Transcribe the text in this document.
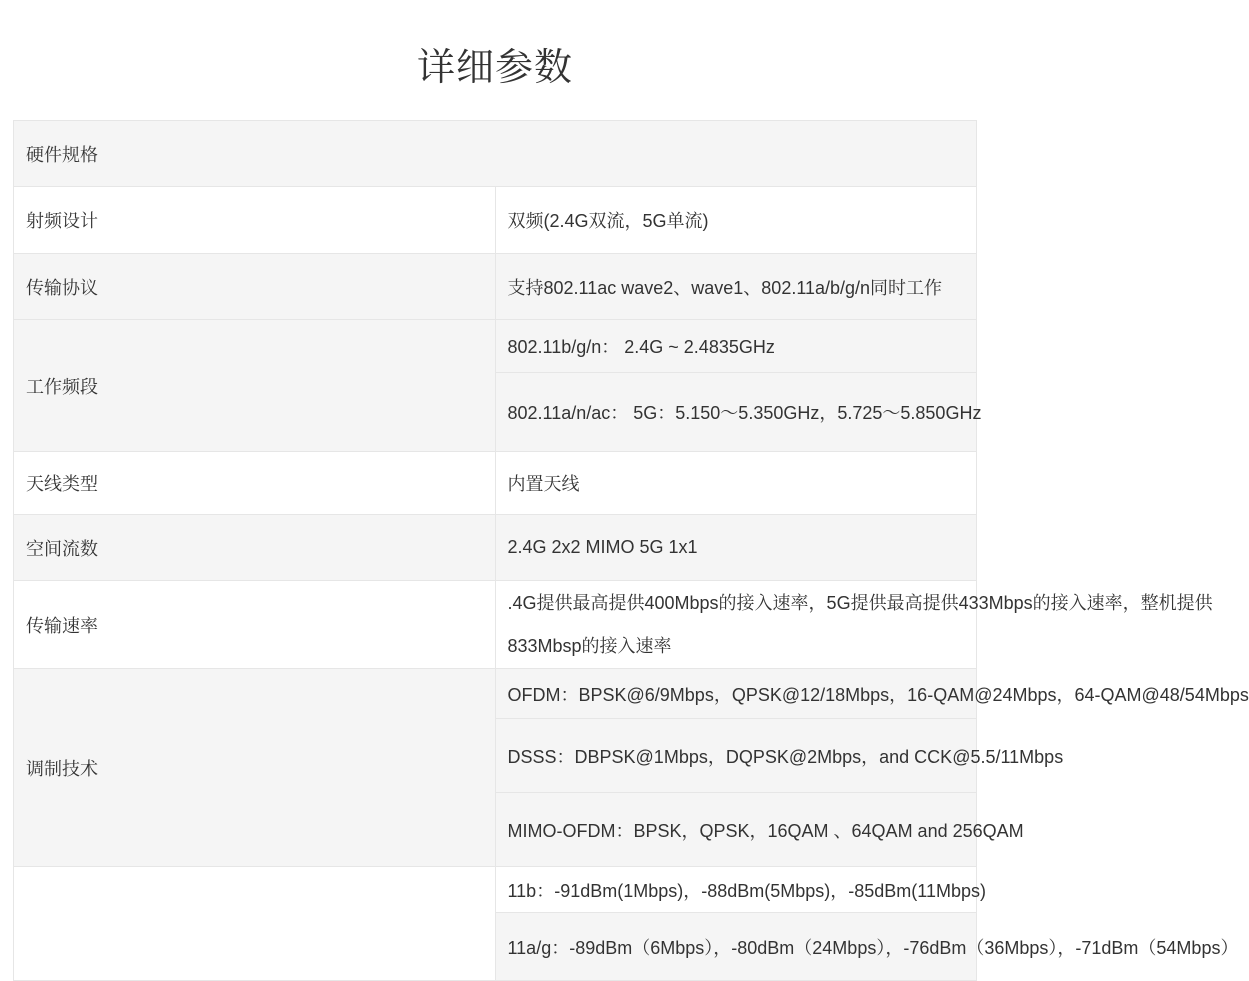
详细参数
硬件规格	
射频设计	双频(2.4G双流，5G单流)
传输协议	支持802.11ac wave2、wave1、802.11a/b/g/n同时工作
工作频段	802.11b/g/n： 2.4G ~ 2.4835GHz
	802.11a/n/ac： 5G：5.150～5.350GHz，5.725～5.850GHz
天线类型	内置天线
空间流数	2.4G 2x2 MIMO 5G 1x1
传输速率	.4G提供最高提供400Mbps的接入速率，5G提供最高提供433Mbps的接入速率，整机提供
833Mbsp的接入速率

调制技术	OFDM：BPSK@6/9Mbps，QPSK@12/18Mbps，16-QAM@24Mbps，64-QAM@48/54Mbps
	DSSS：DBPSK@1Mbps，DQPSK@2Mbps，and CCK@5.5/11Mbps
	MIMO-OFDM：BPSK，QPSK，16QAM 、64QAM and 256QAM
	11b：-91dBm(1Mbps)，-88dBm(5Mbps)，-85dBm(11Mbps)
	11a/g：-89dBm（6Mbps），-80dBm（24Mbps），-76dBm（36Mbps），-71dBm（54Mbps）
